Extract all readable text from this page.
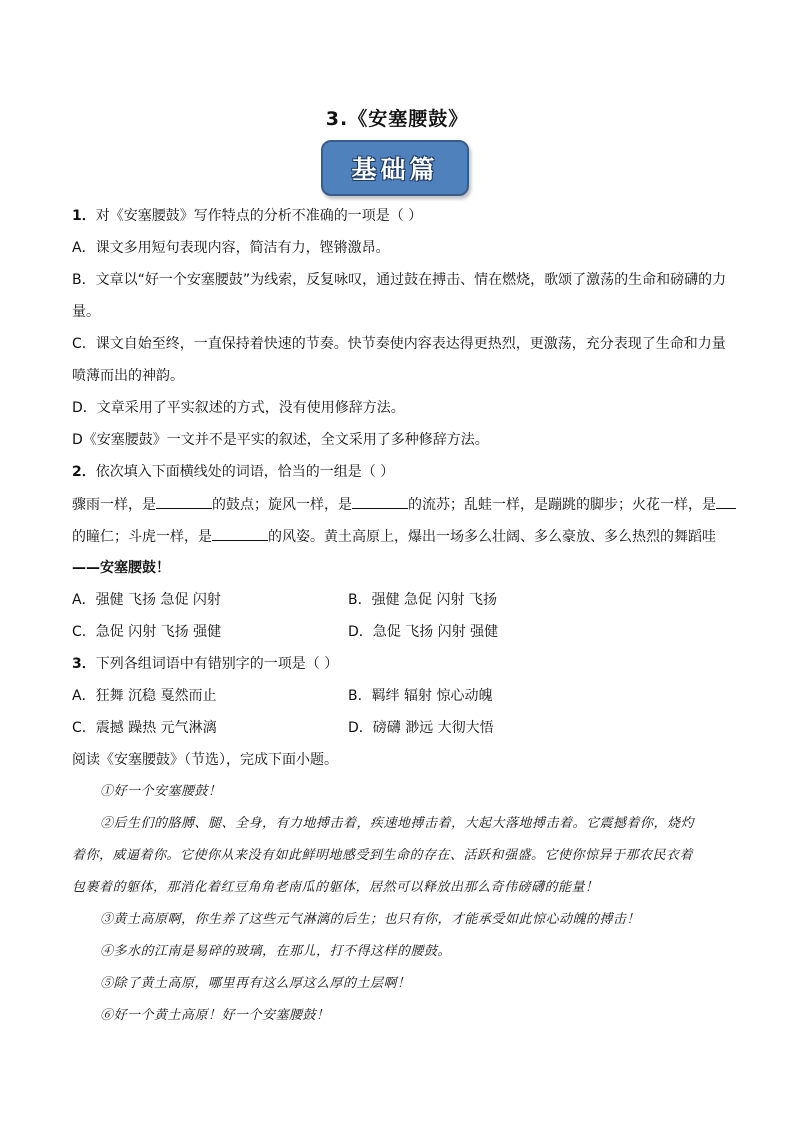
3.《安塞腰鼓》
基础篇
1．对《安塞腰鼓》写作特点的分析不准确的一项是（ ）
A．课文多用短句表现内容，简洁有力，铿锵激昂。
B．文章以“好一个安塞腰鼓”为线索，反复咏叹，通过鼓在搏击、情在燃烧，歌颂了激荡的生命和磅礴的力
量。
C．课文自始至终，一直保持着快速的节奏。快节奏使内容表达得更热烈，更激荡，充分表现了生命和力量
喷薄而出的神韵。
D．文章采用了平实叙述的方式，没有使用修辞方法。
D《安塞腰鼓》一文并不是平实的叙述，全文采用了多种修辞方法。
2．依次填入下面横线处的词语，恰当的一组是（ ）
骤雨一样，是	的鼓点；旋风一样，是	的流苏；乱蛙一样，是蹦跳的脚步；火花一样，是
的瞳仁；斗虎一样，是	的风姿。黄土高原上，爆出一场多么壮阔、多么豪放、多么热烈的舞蹈哇
——安塞腰鼓！
A．强健 飞扬 急促 闪射	B．强健 急促 闪射 飞扬
C．急促 闪射 飞扬 强健	D．急促 飞扬 闪射 强健
3．下列各组词语中有错别字的一项是（ ）
A．狂舞 沉稳 戛然而止	B．羁绊 辐射 惊心动魄
C．震撼 躁热 元气淋漓	D．磅礴 渺远 大彻大悟
阅读《安塞腰鼓》（节选），完成下面小题。
①好一个安塞腰鼓！
②后生们的胳膊、腿、全身，有力地搏击着，疾速地搏击着，大起大落地搏击着。它震撼着你，烧灼
着你，威逼着你。它使你从来没有如此鲜明地感受到生命的存在、活跃和强盛。它使你惊异于那农民衣着
包裹着的躯体，那消化着红豆角角老南瓜的躯体，居然可以释放出那么奇伟磅礴的能量！
③黄土高原啊，你生养了这些元气淋漓的后生；也只有你，才能承受如此惊心动魄的搏击！
④多水的江南是易碎的玻璃，在那儿，打不得这样的腰鼓。
⑤除了黄土高原，哪里再有这么厚这么厚的土层啊！
⑥好一个黄土高原！好一个安塞腰鼓！
